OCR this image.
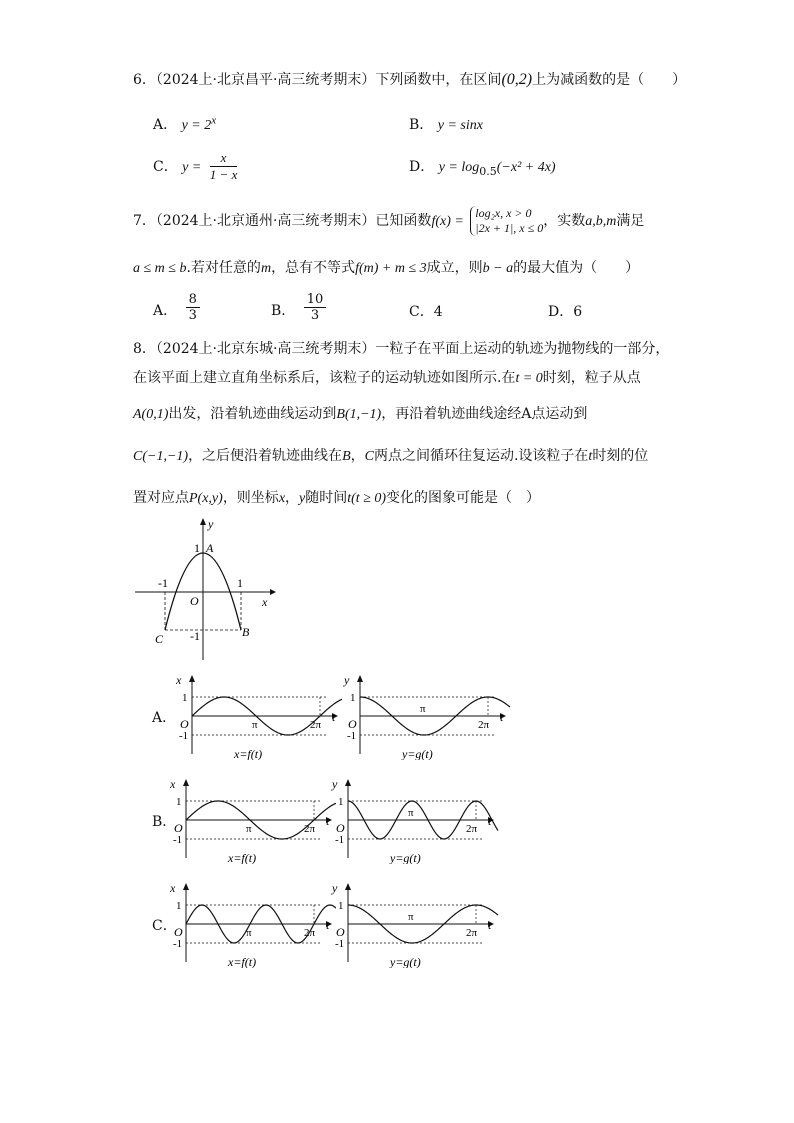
6．（2024上·北京昌平·高三统考期末）下列函数中，在区间(0,2)上为减函数的是（　　）
A． $y = 2^x$	B． y = sinx
C． $y = \frac{x}{1 - x}$	D． $y = \log_{0.5}(-x^2 + 4x)$
7．（2024上·北京通州·高三统考期末）已知函数f(x) =
log₂x, x > 0
|2x + 1|, x ≤ 0 ，实数a,b,m满足
a ≤ m ≤ b.若对任意的m，总有不等式f(m) + m ≤ 3成立，则b − a的最大值为（　　）
A． $\frac{8}{3}$	B． $\frac{10}{3}$	C．4	D．6
8．（2024上·北京东城·高三统考期末）一粒子在平面上运动的轨迹为抛物线的一部分，
在该平面上建立直角坐标系后，该粒子的运动轨迹如图所示.在t = 0时刻，粒子从点
A(0,1)出发，沿着轨迹曲线运动到B(1,−1)，再沿着轨迹曲线途经A点运动到
C(−1,−1)，之后便沿着轨迹曲线在B，C两点之间循环往复运动.设该粒子在t时刻的位
置对应点P(x,y)，则坐标x，y随时间t(t ≥ 0)变化的图象可能是（　）
y
x
O
1 A
-1	1
-1
C	B
A．
B．
C．
x
t
O
1
-1
π	2π
x=f(t)
y
t
O
1
-1
π
2π
y=g(t)
x
t
O
1
-1
π	2π
x=f(t)
y
t
O
1
-1
π
2π
y=g(t)
x
t
O
1
-1
π	2π
x=f(t)
y
t
O
1
-1
π
2π
y=g(t)
